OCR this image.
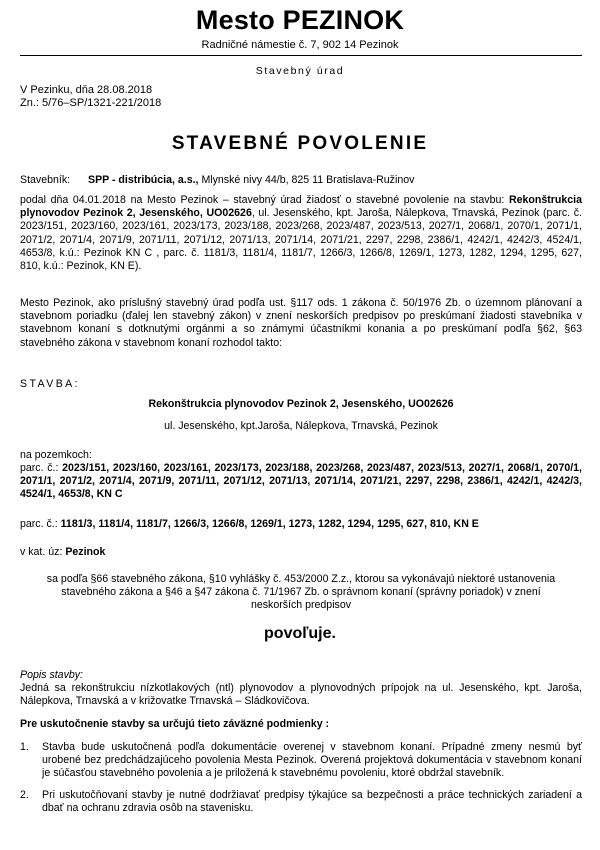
Mesto PEZINOK
Radničné námestie č. 7, 902 14 Pezinok
Stavebný úrad
V Pezinku, dňa 28.08.2018
Zn.: 5/76–SP/1321-221/2018
STAVEBNÉ POVOLENIE
Stavebník: SPP - distribúcia, a.s., Mlynské nivy 44/b, 825 11 Bratislava-Ružinov
podal dňa 04.01.2018 na Mesto Pezinok – stavebný úrad žiadosť o stavebné povolenie na stavbu: Rekonštrukcia plynovodov Pezinok 2, Jesenského, UO02626, ul. Jesenského, kpt. Jaroša, Nálepkova, Trnavská, Pezinok (parc. č. 2023/151, 2023/160, 2023/161, 2023/173, 2023/188, 2023/268, 2023/487, 2023/513, 2027/1, 2068/1, 2070/1, 2071/1, 2071/2, 2071/4, 2071/9, 2071/11, 2071/12, 2071/13, 2071/14, 2071/21, 2297, 2298, 2386/1, 4242/1, 4242/3, 4524/1, 4653/8, k.ú.: Pezinok KN C , parc. č. 1181/3, 1181/4, 1181/7, 1266/3, 1266/8, 1269/1, 1273, 1282, 1294, 1295, 627, 810, k.ú.: Pezinok, KN E).
Mesto Pezinok, ako príslušný stavebný úrad podľa ust. §117 ods. 1 zákona č. 50/1976 Zb. o územnom plánovaní a stavebnom poriadku (ďalej len stavebný zákon) v znení neskorších predpisov po preskúmaní žiadosti stavebníka v stavebnom konaní s dotknutými orgánmi a so známymi účastníkmi konania a po preskúmaní podľa §62, §63 stavebného zákona v stavebnom konaní rozhodol takto:
STAVBA:
Rekonštrukcia plynovodov Pezinok 2, Jesenského, UO02626
ul. Jesenského, kpt.Jaroša, Nálepkova, Trnavská, Pezinok
na pozemkoch:
parc. č.: 2023/151, 2023/160, 2023/161, 2023/173, 2023/188, 2023/268, 2023/487, 2023/513, 2027/1, 2068/1, 2070/1, 2071/1, 2071/2, 2071/4, 2071/9, 2071/11, 2071/12, 2071/13, 2071/14, 2071/21, 2297, 2298, 2386/1, 4242/1, 4242/3, 4524/1, 4653/8, KN C
parc. č.: 1181/3, 1181/4, 1181/7, 1266/3, 1266/8, 1269/1, 1273, 1282, 1294, 1295, 627, 810, KN E
v kat. úz: Pezinok
sa podľa §66 stavebného zákona, §10 vyhlášky č. 453/2000 Z.z., ktorou sa vykonávajú niektoré ustanovenia stavebného zákona a §46 a §47 zákona č. 71/1967 Zb. o správnom konaní (správny poriadok) v znení neskorších predpisov
povoľuje.
Popis stavby:
Jedná sa rekonštrukciu nízkotlakových (ntl) plynovodov a plynovodných prípojok na ul. Jesenského, kpt. Jaroša, Nálepkova, Trnavská a v križovatke Trnavská – Sládkovičova.
Pre uskutočnenie stavby sa určujú tieto záväzné podmienky :
1. Stavba bude uskutočnená podľa dokumentácie overenej v stavebnom konaní. Prípadné zmeny nesmú byť urobené bez predchádzajúceho povolenia Mesta Pezinok. Overená projektová dokumentácia v stavebnom konaní je súčasťou stavebného povolenia a je priložená k stavebnému povoleniu, ktoré obdržal stavebník.
2. Pri uskutočňovaní stavby je nutné dodržiavať predpisy týkajúce sa bezpečnosti a práce technických zariadení a dbať na ochranu zdravia osôb na stavenisku.
